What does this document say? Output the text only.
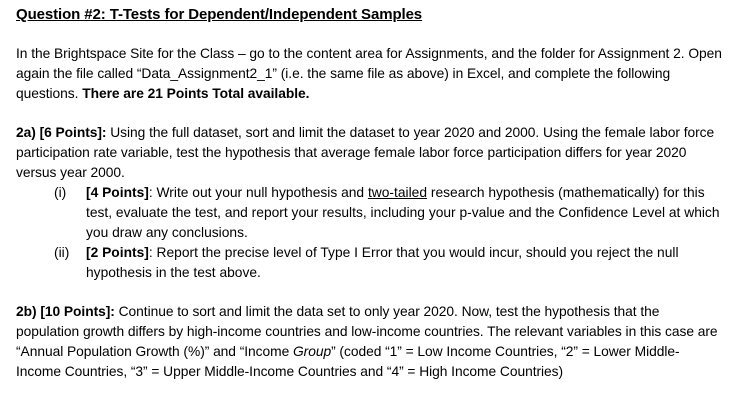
Question #2: T-Tests for Dependent/Independent Samples

In the Brightspace Site for the Class – go to the content area for Assignments, and the folder for Assignment 2. Open again the file called “Data_Assignment2_1” (i.e. the same file as above) in Excel, and complete the following questions. There are 21 Points Total available.

2a) [6 Points]: Using the full dataset, sort and limit the dataset to year 2020 and 2000. Using the female labor force participation rate variable, test the hypothesis that average female labor force participation differs for year 2020 versus year 2000.

(i)	[4 Points]: Write out your null hypothesis and two-tailed research hypothesis (mathematically) for this test, evaluate the test, and report your results, including your p-value and the Confidence Level at which you draw any conclusions.
(ii)	[2 Points]: Report the precise level of Type I Error that you would incur, should you reject the null hypothesis in the test above.

2b) [10 Points]: Continue to sort and limit the data set to only year 2020. Now, test the hypothesis that the population growth differs by high-income countries and low-income countries. The relevant variables in this case are “Annual Population Growth (%)” and “Income Group” (coded “1” = Low Income Countries, “2” = Lower Middle-Income Countries, “3” = Upper Middle-Income Countries and “4” = High Income Countries)
